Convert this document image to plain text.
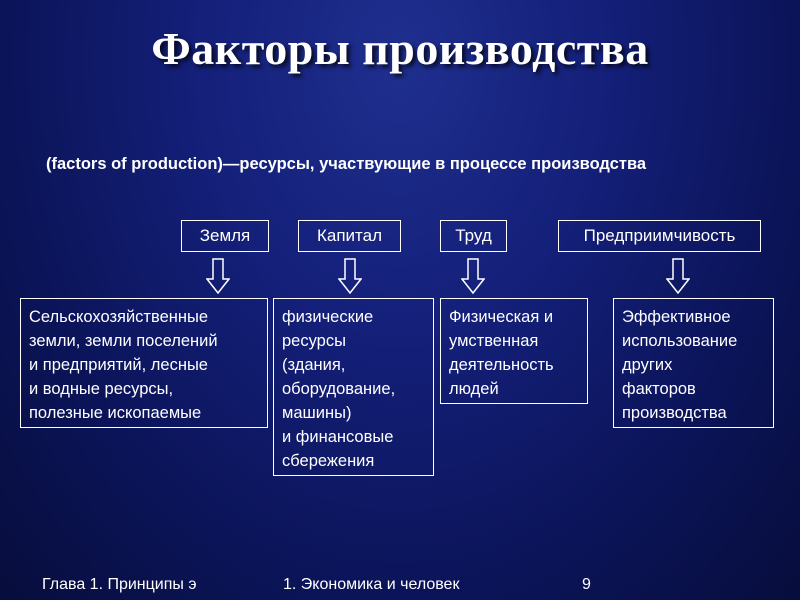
Факторы производства
(factors of production)—ресурсы, участвующие в процессе производства
Земля	Капитал	Труд	Предприимчивость
Сельскохозяйственные
земли, земли поселений
и предприятий, лесные
и водные ресурсы,
полезные ископаемые
физические
ресурсы
(здания,
оборудование,
машины)
и финансовые
сбережения
Физическая и
умственная
деятельность
людей
Эффективное
использование
других
факторов
производства
Глава 1. Принципы э	1. Экономика и человек	9
